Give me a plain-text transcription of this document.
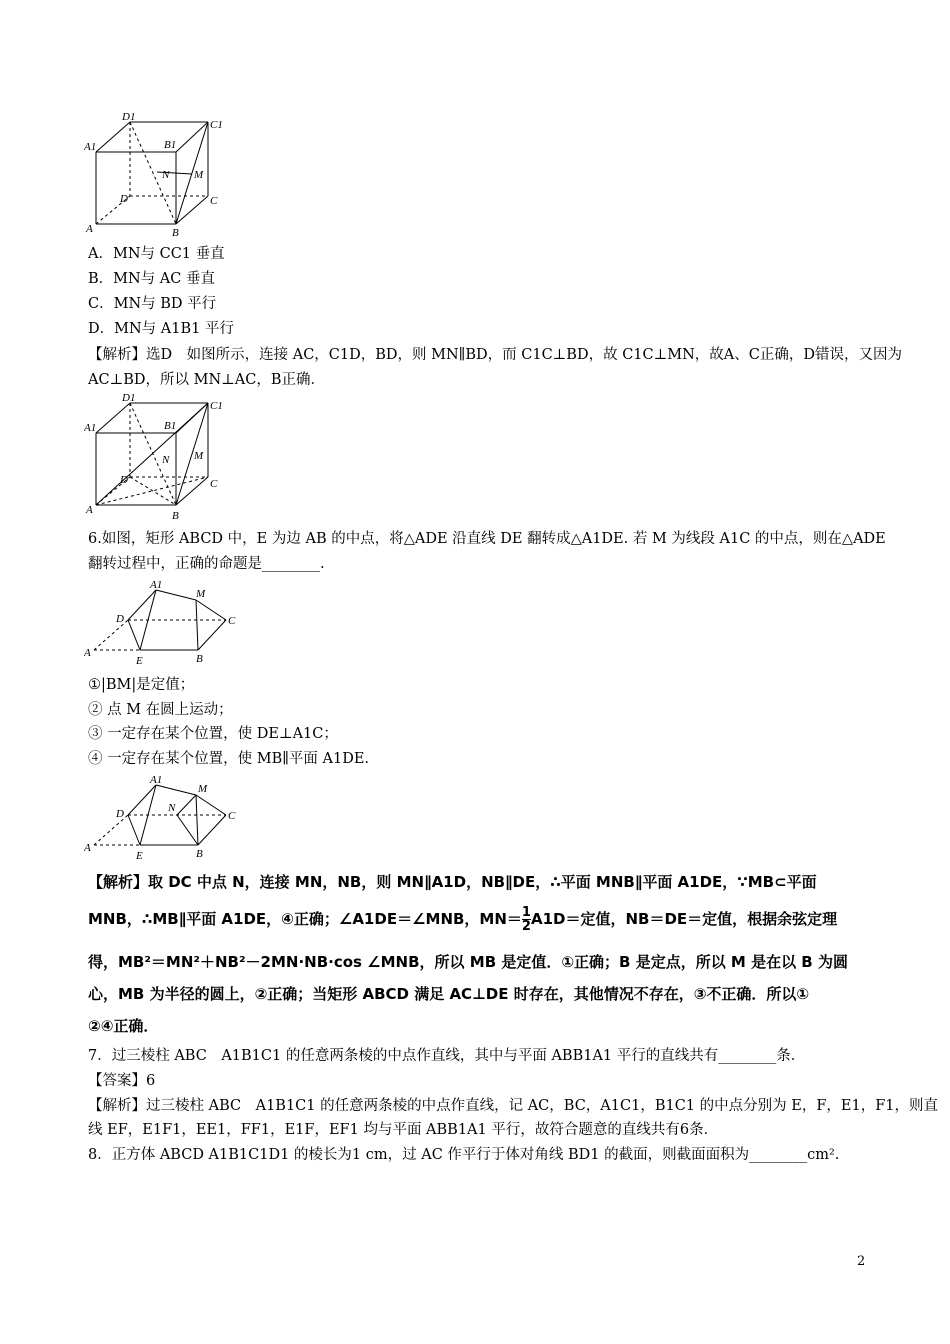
D1
C1
A1	B1
N M
D	C
A	B
A．MN与 CC1 垂直
B．MN与 AC 垂直
C．MN与 BD 平行
D．MN与 A1B1 平行
【解析】选D　如图所示，连接 AC，C1D，BD，则 MN∥BD，而 C1C⊥BD，故 C1C⊥MN，故A、C正确，D错误，又因为
AC⊥BD，所以 MN⊥AC，B正确．
D1
C1
A1	B1
N M
D	C
A	B
6.如图，矩形 ABCD 中，E 为边 AB 的中点，将△ADE 沿直线 DE 翻转成△A1DE. 若 M 为线段 A1C 的中点，则在△ADE
翻转过程中，正确的命题是________.
A1
M
D	C
A
E	B
①|BM|是定值；
② 点 M 在圆上运动；
③ 一定存在某个位置，使 DE⊥A1C；
④ 一定存在某个位置，使 MB∥平面 A1DE.
A1
M
N
D	C
A
E	B
【解析】取 DC 中点 N，连接 MN，NB，则 MN∥A1D，NB∥DE，∴平面 MNB∥平面 A1DE，∵MB⊂平面
MNB，∴MB∥平面 A1DE，④正确；∠A1DE＝∠MNB，$MN= \frac{1}{2} A1D=$定值，NB＝DE＝定值，根据余弦定理
得，MB²＝MN²＋NB²－2MN·NB·cos ∠MNB，所以 MB 是定值．①正确；B 是定点，所以 M 是在以 B 为圆
心，MB 为半径的圆上，②正确；当矩形 ABCD 满足 AC⊥DE 时存在，其他情况不存在，③不正确．所以①
②④正确．
7．过三棱柱 ABC　A1B1C1 的任意两条棱的中点作直线，其中与平面 ABB1A1 平行的直线共有________条．
【答案】6
【解析】过三棱柱 ABC　A1B1C1 的任意两条棱的中点作直线，记 AC，BC，A1C1，B1C1 的中点分别为 E，F，E1，F1，则直
线 EF，E1F1，EE1，FF1，E1F，EF1 均与平面 ABB1A1 平行，故符合题意的直线共有6条．
8．正方体 ABCD A1B1C1D1 的棱长为1 cm，过 AC 作平行于体对角线 BD1 的截面，则截面面积为________cm².
2
